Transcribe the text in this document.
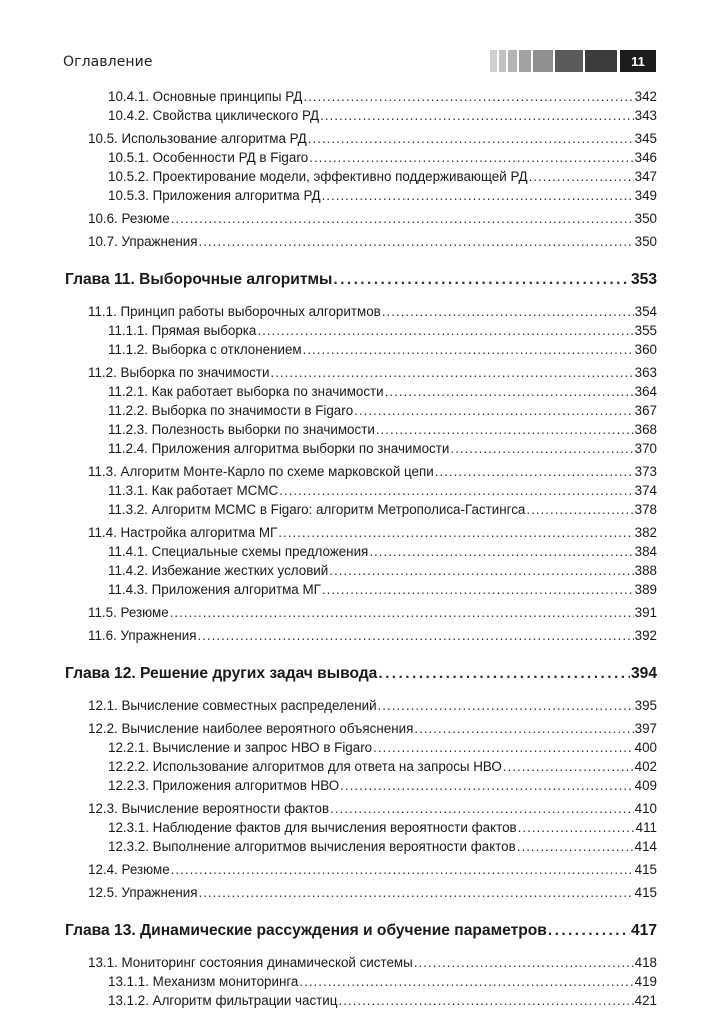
Оглавление	11
10.4.1. Основные принципы РД .....	342
10.4.2. Свойства циклического РД .....	343
10.5. Использование алгоритма РД .....	345
10.5.1. Особенности РД в Figaro .....	346
10.5.2. Проектирование модели, эффективно поддерживающей РД .....	347
10.5.3. Приложения алгоритма РД .....	349
10.6. Резюме .....	350
10.7. Упражнения .....	350
Глава 11. Выборочные алгоритмы .....	353
11.1. Принцип работы выборочных алгоритмов .....	354
11.1.1. Прямая выборка .....	355
11.1.2. Выборка с отклонением .....	360
11.2. Выборка по значимости .....	363
11.2.1. Как работает выборка по значимости .....	364
11.2.2. Выборка по значимости в Figaro .....	367
11.2.3. Полезность выборки по значимости .....	368
11.2.4. Приложения алгоритма выборки по значимости .....	370
11.3. Алгоритм Монте-Карло по схеме марковской цепи .....	373
11.3.1. Как работает MCMC .....	374
11.3.2. Алгоритм MCMC в Figaro: алгоритм Метрополиса-Гастингса .....	378
11.4. Настройка алгоритма МГ .....	382
11.4.1. Специальные схемы предложения .....	384
11.4.2. Избежание жестких условий .....	388
11.4.3. Приложения алгоритма МГ .....	389
11.5. Резюме .....	391
11.6. Упражнения .....	392
Глава 12. Решение других задач вывода .....	394
12.1. Вычисление совместных распределений .....	395
12.2. Вычисление наиболее вероятного объяснения .....	397
12.2.1. Вычисление и запрос НВО в Figaro .....	400
12.2.2. Использование алгоритмов для ответа на запросы НВО .....	402
12.2.3. Приложения алгоритмов НВО .....	409
12.3. Вычисление вероятности фактов .....	410
12.3.1. Наблюдение фактов для вычисления вероятности фактов .....	411
12.3.2. Выполнение алгоритмов вычисления вероятности фактов .....	414
12.4. Резюме .....	415
12.5. Упражнения .....	415
Глава 13. Динамические рассуждения и обучение параметров .....	417
13.1. Мониторинг состояния динамической системы .....	418
13.1.1. Механизм мониторинга .....	419
13.1.2. Алгоритм фильтрации частиц .....	421
